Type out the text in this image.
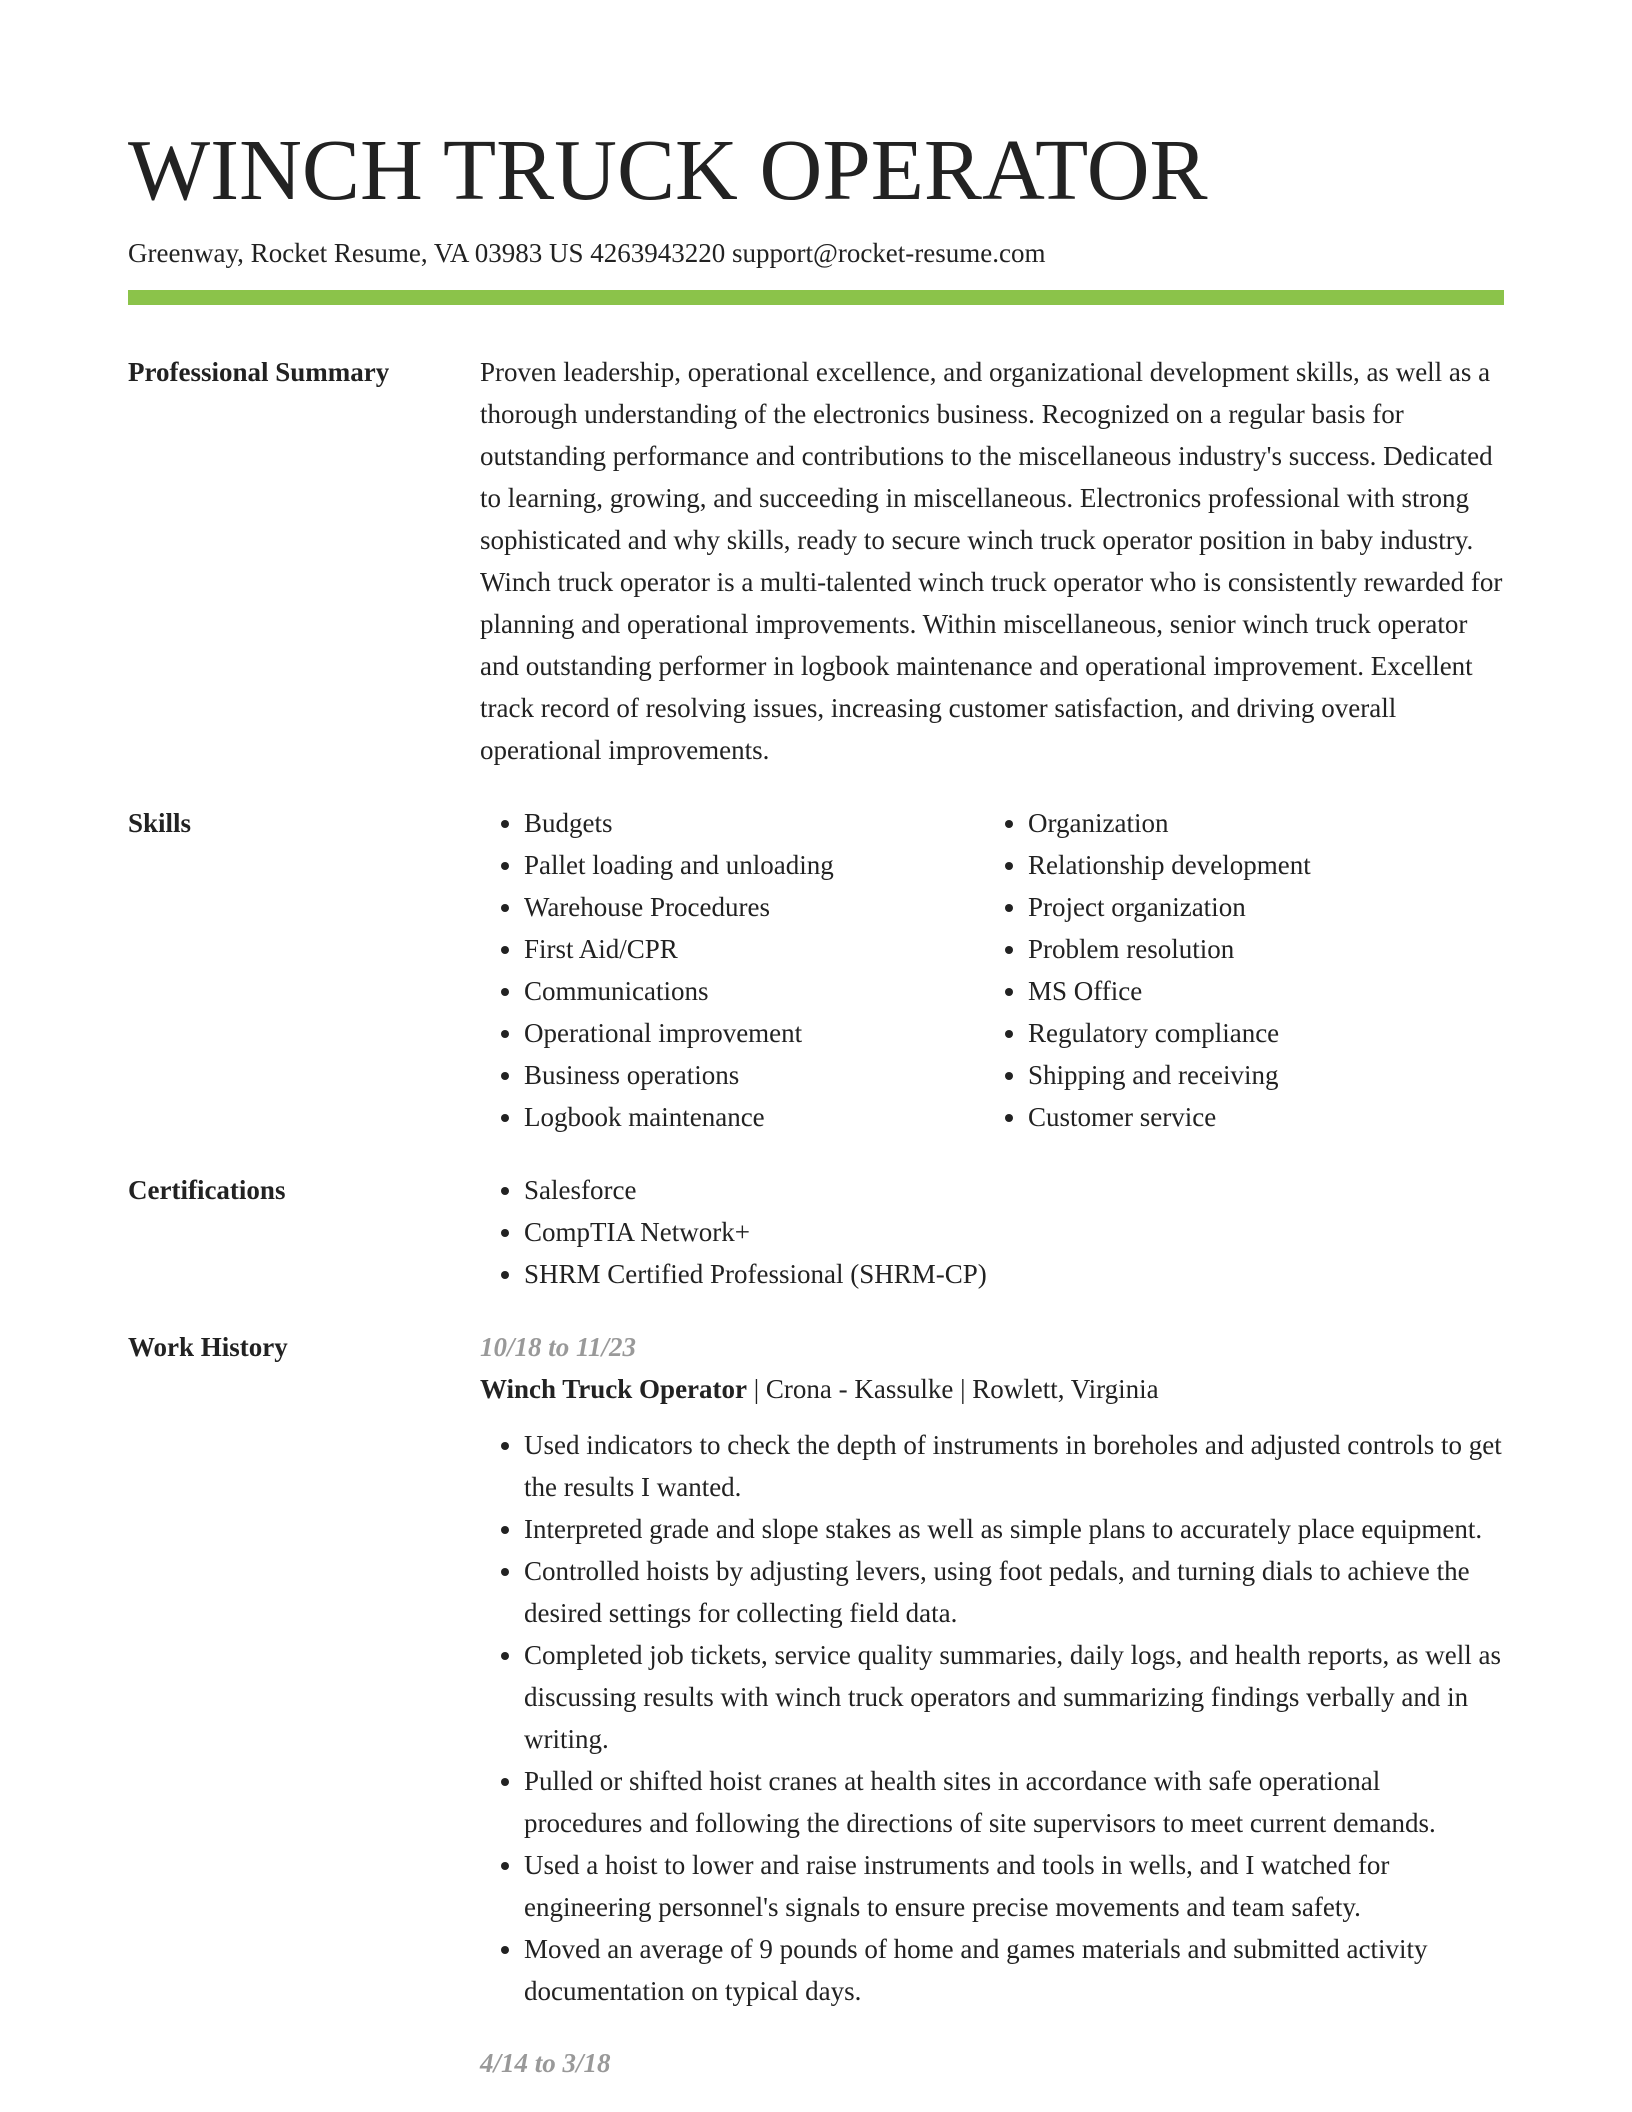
WINCH TRUCK OPERATOR
Greenway, Rocket Resume, VA 03983 US 4263943220 support@rocket-resume.com
Professional Summary	Proven leadership, operational excellence, and organizational development skills, as well as a thorough understanding of the electronics business. Recognized on a regular basis for outstanding performance and contributions to the miscellaneous industry's success. Dedicated to learning, growing, and succeeding in miscellaneous. Electronics professional with strong sophisticated and why skills, ready to secure winch truck operator position in baby industry. Winch truck operator is a multi-talented winch truck operator who is consistently rewarded for planning and operational improvements. Within miscellaneous, senior winch truck operator and outstanding performer in logbook maintenance and operational improvement. Excellent track record of resolving issues, increasing customer satisfaction, and driving overall operational improvements.

Skills	• Budgets
• Pallet loading and unloading
• Warehouse Procedures
• First Aid/CPR
• Communications
• Operational improvement
• Business operations
• Logbook maintenance
• Organization
• Relationship development
• Project organization
• Problem resolution
• MS Office
• Regulatory compliance
• Shipping and receiving
• Customer service
Certifications	• Salesforce
• CompTIA Network+
• SHRM Certified Professional (SHRM-CP)
Work History	10/18 to 11/23
Winch Truck Operator | Crona - Kassulke | Rowlett, Virginia
• Used indicators to check the depth of instruments in boreholes and adjusted controls to get the results I wanted.
• Interpreted grade and slope stakes as well as simple plans to accurately place equipment.
• Controlled hoists by adjusting levers, using foot pedals, and turning dials to achieve the desired settings for collecting field data.
• Completed job tickets, service quality summaries, daily logs, and health reports, as well as discussing results with winch truck operators and summarizing findings verbally and in writing.
• Pulled or shifted hoist cranes at health sites in accordance with safe operational procedures and following the directions of site supervisors to meet current demands.
• Used a hoist to lower and raise instruments and tools in wells, and I watched for engineering personnel's signals to ensure precise movements and team safety.
• Moved an average of 9 pounds of home and games materials and submitted activity documentation on typical days.
4/14 to 3/18
